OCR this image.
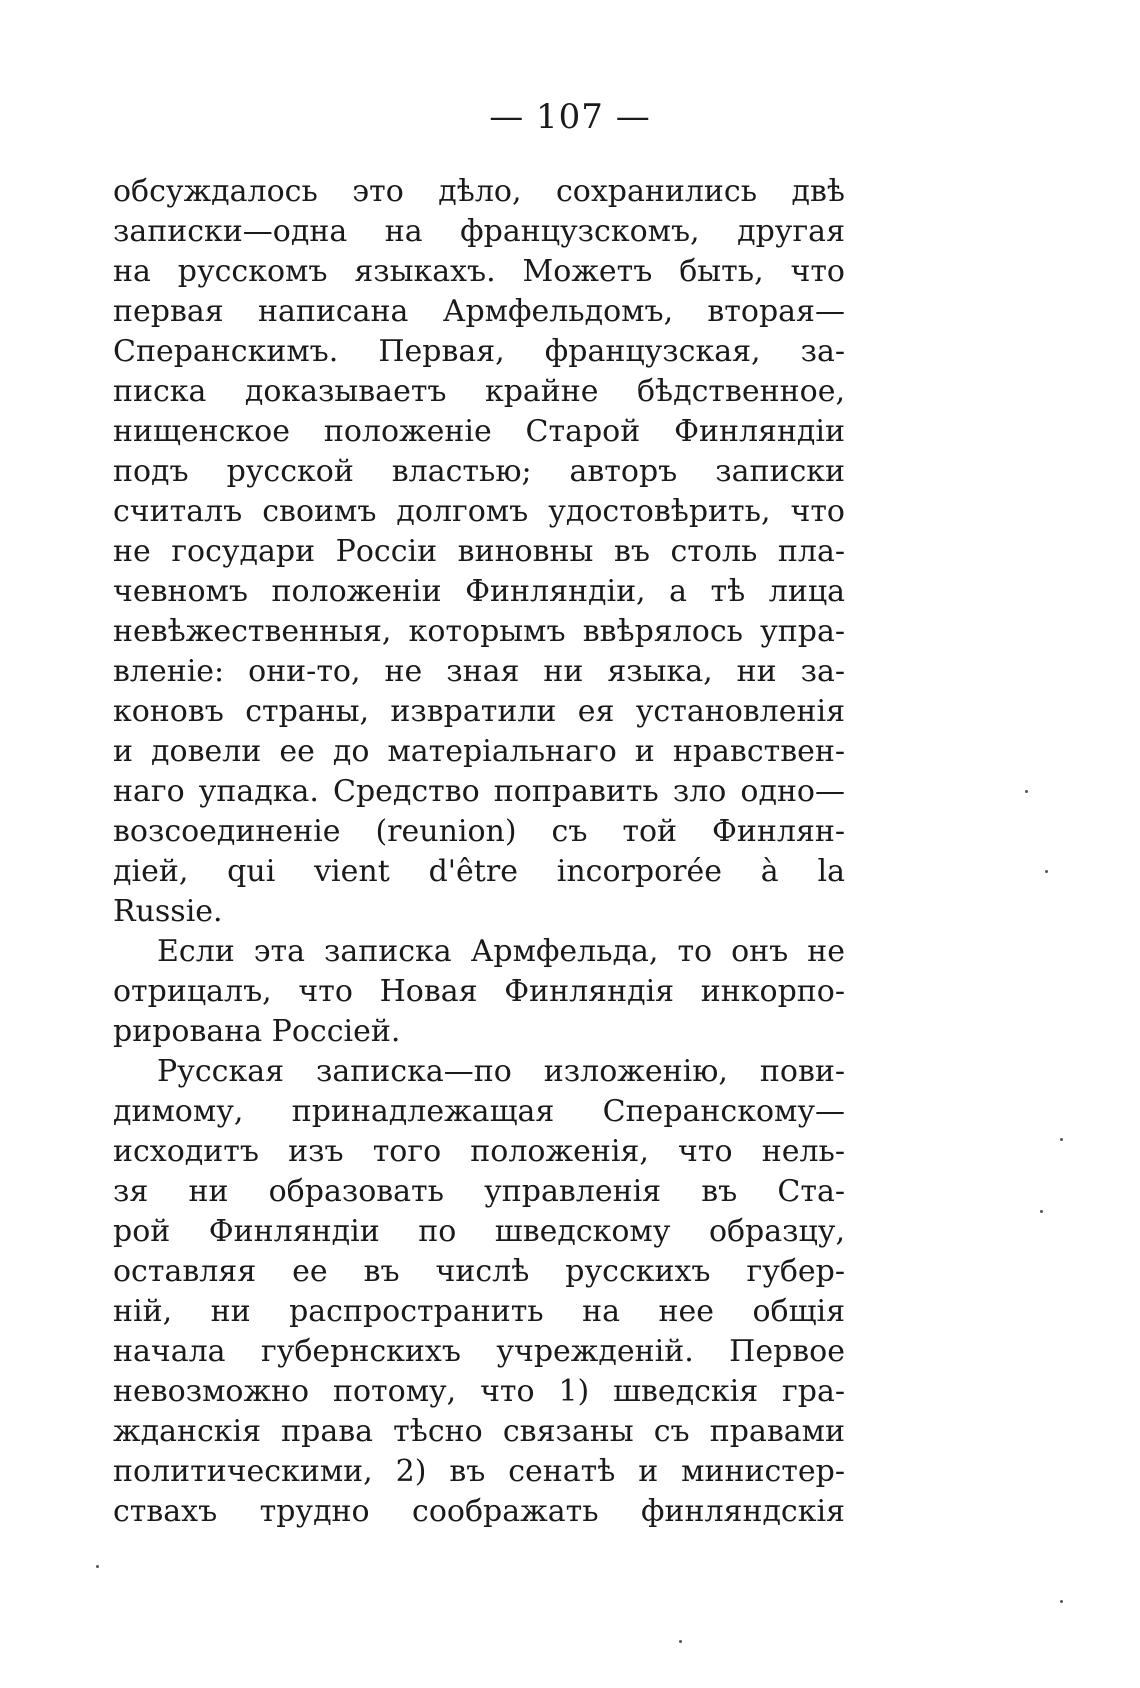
— 107 —
обсуждалось это дѣло, сохранились двѣ
записки—одна на французскомъ, другая
на русскомъ языкахъ. Можетъ быть, что
первая написана Армфельдомъ, вторая—
Сперанскимъ. Первая, французская, за-
писка доказываетъ крайне бѣдственное,
нищенское положеніе Старой Финляндіи
подъ русской властью; авторъ записки
считалъ своимъ долгомъ удостовѣрить, что
не государи Россіи виновны въ столь пла-
чевномъ положеніи Финляндіи, а тѣ лица
невѣжественныя, которымъ ввѣрялось упра-
вленіе: они-то, не зная ни языка, ни за-
коновъ страны, извратили ея установленія
и довели ее до матеріальнаго и нравствен-
наго упадка. Средство поправить зло одно—
возсоединеніе (reunion) съ той Финлян-
діей, qui vient d'être incorporée à la
Russie.
Если эта записка Армфельда, то онъ не
отрицалъ, что Новая Финляндія инкорпо-
рирована Россіей.
Русская записка—по изложенію, пови-
димому, принадлежащая Сперанскому—
исходитъ изъ того положенія, что нель-
зя ни образовать управленія въ Ста-
рой Финляндіи по шведскому образцу,
оставляя ее въ числѣ русскихъ губер-
ній, ни распространить на нее общія
начала губернскихъ учрежденій. Первое
невозможно потому, что 1) шведскія гра-
жданскія права тѣсно связаны съ правами
политическими, 2) въ сенатѣ и министер-
ствахъ трудно соображать финляндскія
